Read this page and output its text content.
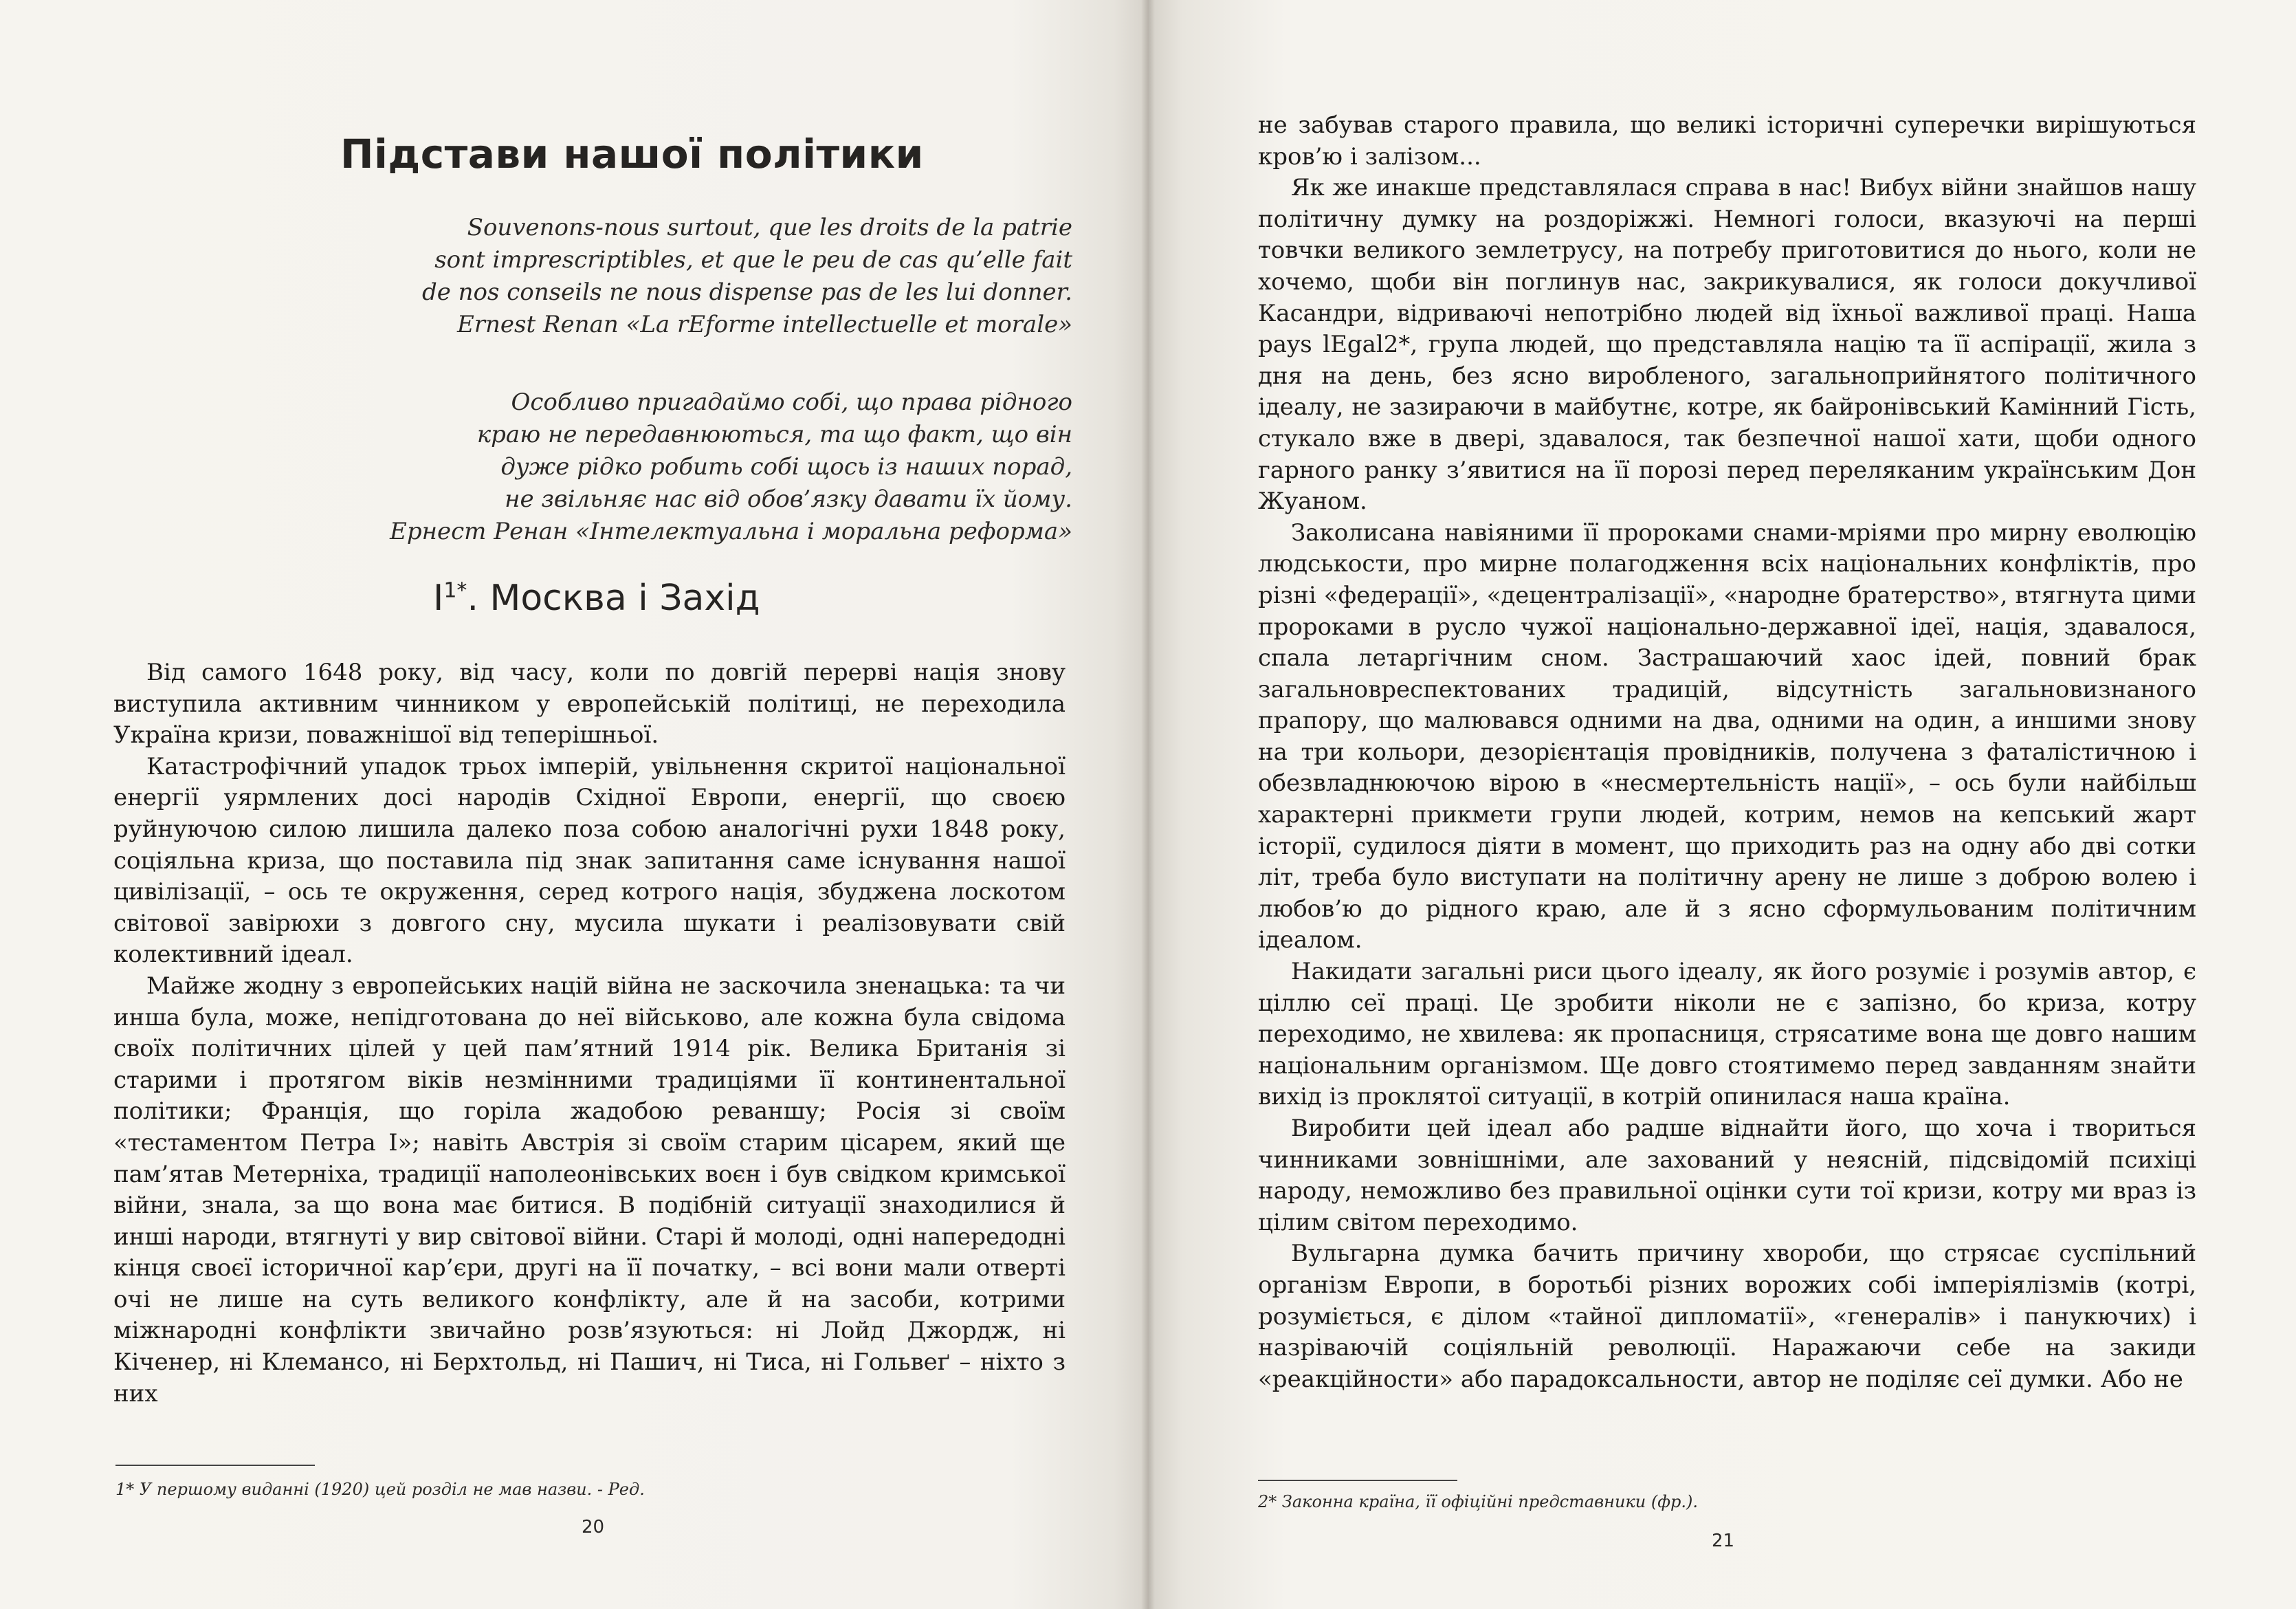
Підстави нашої політики
Souvenons-nous surtout, que les droits de la patrie
sont imprescriptibles, et que le peu de cas qu’elle fait
de nos conseils ne nous dispense pas de les lui donner.
Ernest Renan «La rEforme intellectuelle et morale»
Особливо пригадаймо собі, що права рідного
краю не передавнюються, та що факт, що він
дуже рідко робить собі щось із наших порад,
не звільняє нас від обов’язку давати їх йому.
Ернест Ренан «Інтелектуальна і моральна реформа»
$I^{1*}$. Москва і Захід

Від самого 1648 року, від часу, коли по довгій перерві нація знову виступила активним чинником у европейській політиці, не переходила Україна кризи, поважнішої від теперішньої.

Катастрофічний упадок трьох імперій, увільнення скритої національної енергії уярмлених досі народів Східної Европи, енергії, що своєю руйнуючою силою лишила далеко поза собою аналогічні рухи 1848 року, соціяльна криза, що поставила під знак запитання саме існування нашої цивілізації, – ось те окруження, серед котрого нація, збуджена лоскотом світової завірюхи з довгого сну, мусила шукати і реалізовувати свій колективний ідеал.

Майже жодну з европейських націй війна не заскочила зненацька: та чи инша була, може, непідготована до неї військово, але кожна була свідома своїх політичних цілей у цей пам’ятний 1914 рік. Велика Британія зі старими і протягом віків незмінними традиціями її континентальної політики; Франція, що горіла жадобою реваншу; Росія зі своїм «тестаментом Петра І»; навіть Австрія зі своїм старим цісарем, який ще пам’ятав Метерніха, традиції наполеонівських воєн і був свідком кримської війни, знала, за що вона має битися. В подібній ситуації знаходилися й инші народи, втягнуті у вир світової війни. Старі й молоді, одні напередодні кінця своєї історичної кар’єри, другі на її початку, – всі вони мали отверті очі не лише на суть великого конфлікту, але й на засоби, котрими міжнародні конфлікти звичайно розв’язуються: ні Лойд Джордж, ні Кіченер, ні Клемансо, ні Берхтольд, ні Пашич, ні Тиса, ні Гольвеґ – ніхто з них

1* У першому виданні (1920) цей розділ не мав назви. - Ред.
20

не забував старого правила, що великі історичні суперечки вирішуються кров’ю і залізом...

Як же инакше представлялася справа в нас! Вибух війни знайшов нашу політичну думку на роздоріжжі. Немногі голоси, вказуючі на перші товчки великого землетрусу, на потребу приготовитися до нього, коли не хочемо, щоби він поглинув нас, закрикувалися, як голоси докучливої Касандри, відриваючі непотрібно людей від їхньої важливої праці. Наша pays lEgal2*, група людей, що представляла націю та її аспірації, жила з дня на день, без ясно виробленого, загальноприйнятого політичного ідеалу, не зазираючи в майбутнє, котре, як байронівський Камінний Гість, стукало вже в двері, здавалося, так безпечної нашої хати, щоби одного гарного ранку з’явитися на її порозі перед переляканим українським Дон Жуаном.

Заколисана навіяними її пророками снами-мріями про мирну еволюцію людськости, про мирне полагодження всіх національних конфліктів, про різні «федерації», «децентралізації», «народне братерство», втягнута цими пророками в русло чужої національно-державної ідеї, нація, здавалося, спала летаргічним сном. Застрашаючий хаос ідей, повний брак загальновреспектованих традицій, відсутність загальновизнаного прапору, що малювався одними на два, одними на один, а иншими знову на три кольори, дезорієнтація провідників, получена з фаталістичною і обезвладнюючою вірою в «несмертельність нації», – ось були найбільш характерні прикмети групи людей, котрим, немов на кепський жарт історії, судилося діяти в момент, що приходить раз на одну або дві сотки літ, треба було виступати на політичну арену не лише з доброю волею і любов’ю до рідного краю, але й з ясно сформульованим політичним ідеалом.

Накидати загальні риси цього ідеалу, як його розуміє і розумів автор, є ціллю сеї праці. Це зробити ніколи не є запізно, бо криза, котру переходимо, не хвилева: як пропасниця, стрясатиме вона ще довго нашим національним організмом. Ще довго стоятимемо перед завданням знайти вихід із проклятої ситуації, в котрій опинилася наша країна.

Виробити цей ідеал або радше віднайти його, що хоча і твориться чинниками зовнішніми, але захований у неясній, підсвідомій психіці народу, неможливо без правильної оцінки сути тої кризи, котру ми враз із цілим світом переходимо.

Вульгарна думка бачить причину хвороби, що стрясає суспільний організм Европи, в боротьбі різних ворожих собі імперіялізмів (котрі, розуміється, є ділом «тайної дипломатії», «генералів» і панукючих) і назріваючій соціяльній революції. Наражаючи себе на закиди «реакційности» або парадоксальности, автор не поділяє сеї думки. Або не

2* Законна країна, її офіційні представники (фр.).
21
